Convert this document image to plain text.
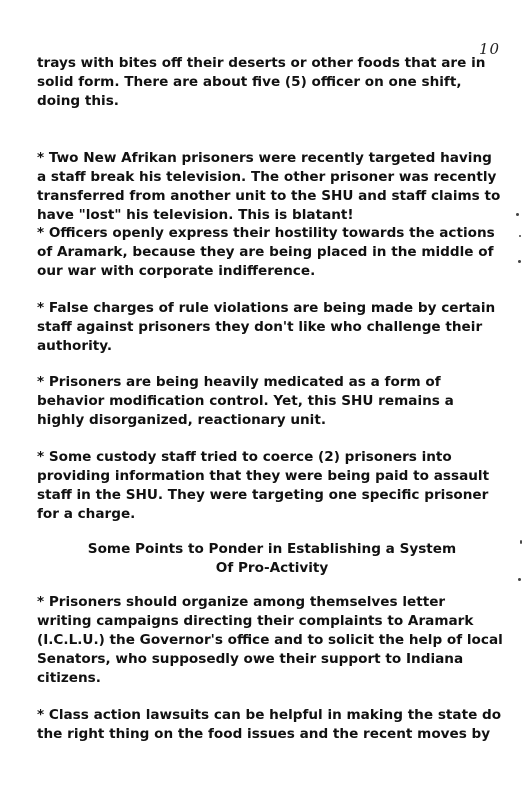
10
trays with bites off their deserts or other foods that are in
solid form. There are about five (5) officer on one shift,
doing this.
* Two New Afrikan prisoners were recently targeted having
a staff break his television. The other prisoner was recently
transferred from another unit to the SHU and staff claims to
have "lost" his television. This is blatant!
* Officers openly express their hostility towards the actions
of Aramark, because they are being placed in the middle of
our war with corporate indifference.
* False charges of rule violations are being made by certain
staff against prisoners they don't like who challenge their
authority.
* Prisoners are being heavily medicated as a form of
behavior modification control. Yet, this SHU remains a
highly disorganized, reactionary unit.
* Some custody staff tried to coerce (2) prisoners into
providing information that they were being paid to assault
staff in the SHU. They were targeting one specific prisoner
for a charge.
Some Points to Ponder in Establishing a System
Of Pro-Activity
* Prisoners should organize among themselves letter
writing campaigns directing their complaints to Aramark
(I.C.L.U.) the Governor's office and to solicit the help of local
Senators, who supposedly owe their support to Indiana
citizens.
* Class action lawsuits can be helpful in making the state do
the right thing on the food issues and the recent moves by
